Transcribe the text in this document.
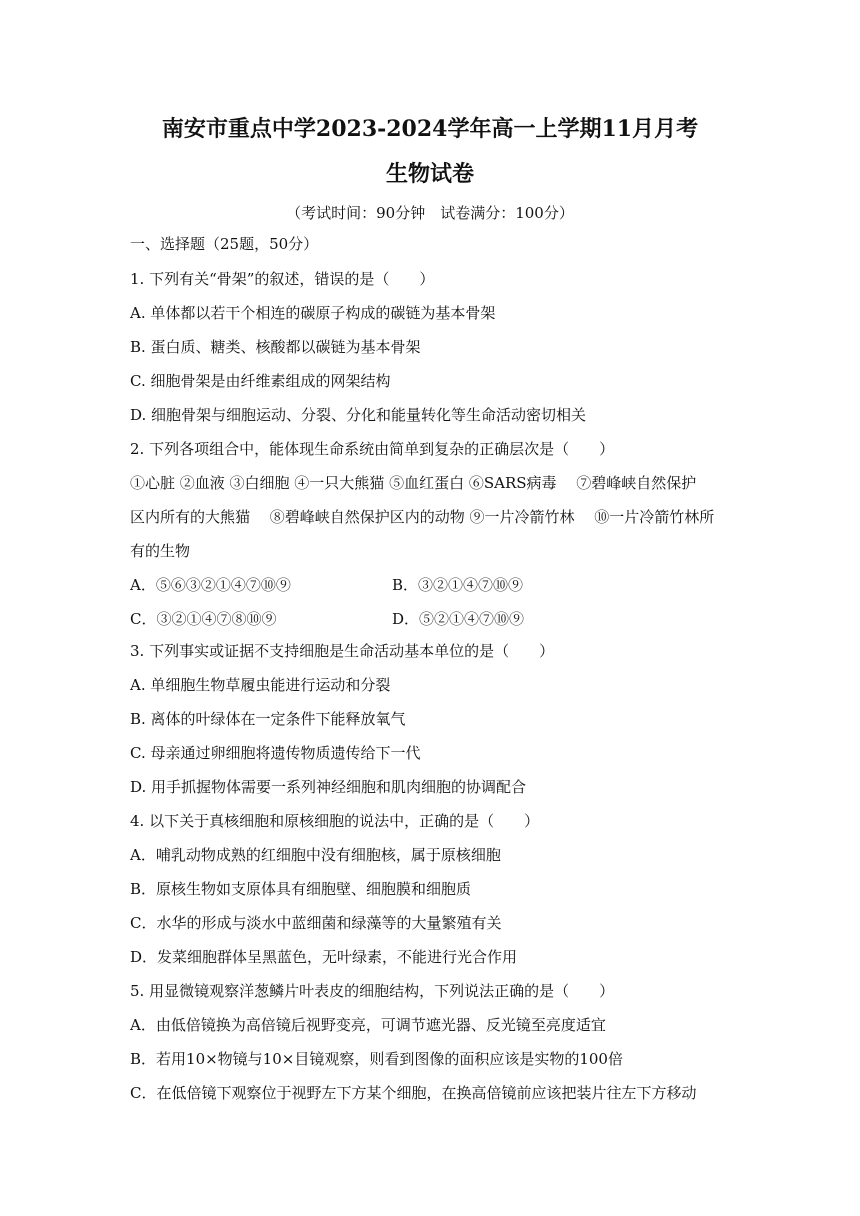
南安市重点中学2023-2024学年高一上学期11月月考
生物试卷
（考试时间：90分钟　试卷满分：100分）
一、选择题（25题，50分）
1. 下列有关“骨架”的叙述，错误的是（　　）
A. 单体都以若干个相连的碳原子构成的碳链为基本骨架
B. 蛋白质、糖类、核酸都以碳链为基本骨架
C. 细胞骨架是由纤维素组成的网架结构
D. 细胞骨架与细胞运动、分裂、分化和能量转化等生命活动密切相关
2. 下列各项组合中，能体现生命系统由简单到复杂的正确层次是（　　）
①心脏 ②血液 ③白细胞 ④一只大熊猫 ⑤血红蛋白 ⑥SARS病毒 　⑦碧峰峡自然保护
区内所有的大熊猫 　⑧碧峰峡自然保护区内的动物 ⑨一片冷箭竹林 　⑩一片冷箭竹林所
有的生物
A．⑤⑥③②①④⑦⑩⑨	B．③②①④⑦⑩⑨
C．③②①④⑦⑧⑩⑨	D．⑤②①④⑦⑩⑨
3. 下列事实或证据不支持细胞是生命活动基本单位的是（　　）
A. 单细胞生物草履虫能进行运动和分裂
B. 离体的叶绿体在一定条件下能释放氧气
C. 母亲通过卵细胞将遗传物质遗传给下一代
D. 用手抓握物体需要一系列神经细胞和肌肉细胞的协调配合
4. 以下关于真核细胞和原核细胞的说法中，正确的是（　　）
A．哺乳动物成熟的红细胞中没有细胞核，属于原核细胞
B．原核生物如支原体具有细胞壁、细胞膜和细胞质
C．水华的形成与淡水中蓝细菌和绿藻等的大量繁殖有关
D．发菜细胞群体呈黑蓝色，无叶绿素，不能进行光合作用
5. 用显微镜观察洋葱鳞片叶表皮的细胞结构，下列说法正确的是（　　）
A．由低倍镜换为高倍镜后视野变亮，可调节遮光器、反光镜至亮度适宜
B．若用10×物镜与10×目镜观察，则看到图像的面积应该是实物的100倍
C．在低倍镜下观察位于视野左下方某个细胞，在换高倍镜前应该把装片往左下方移动
